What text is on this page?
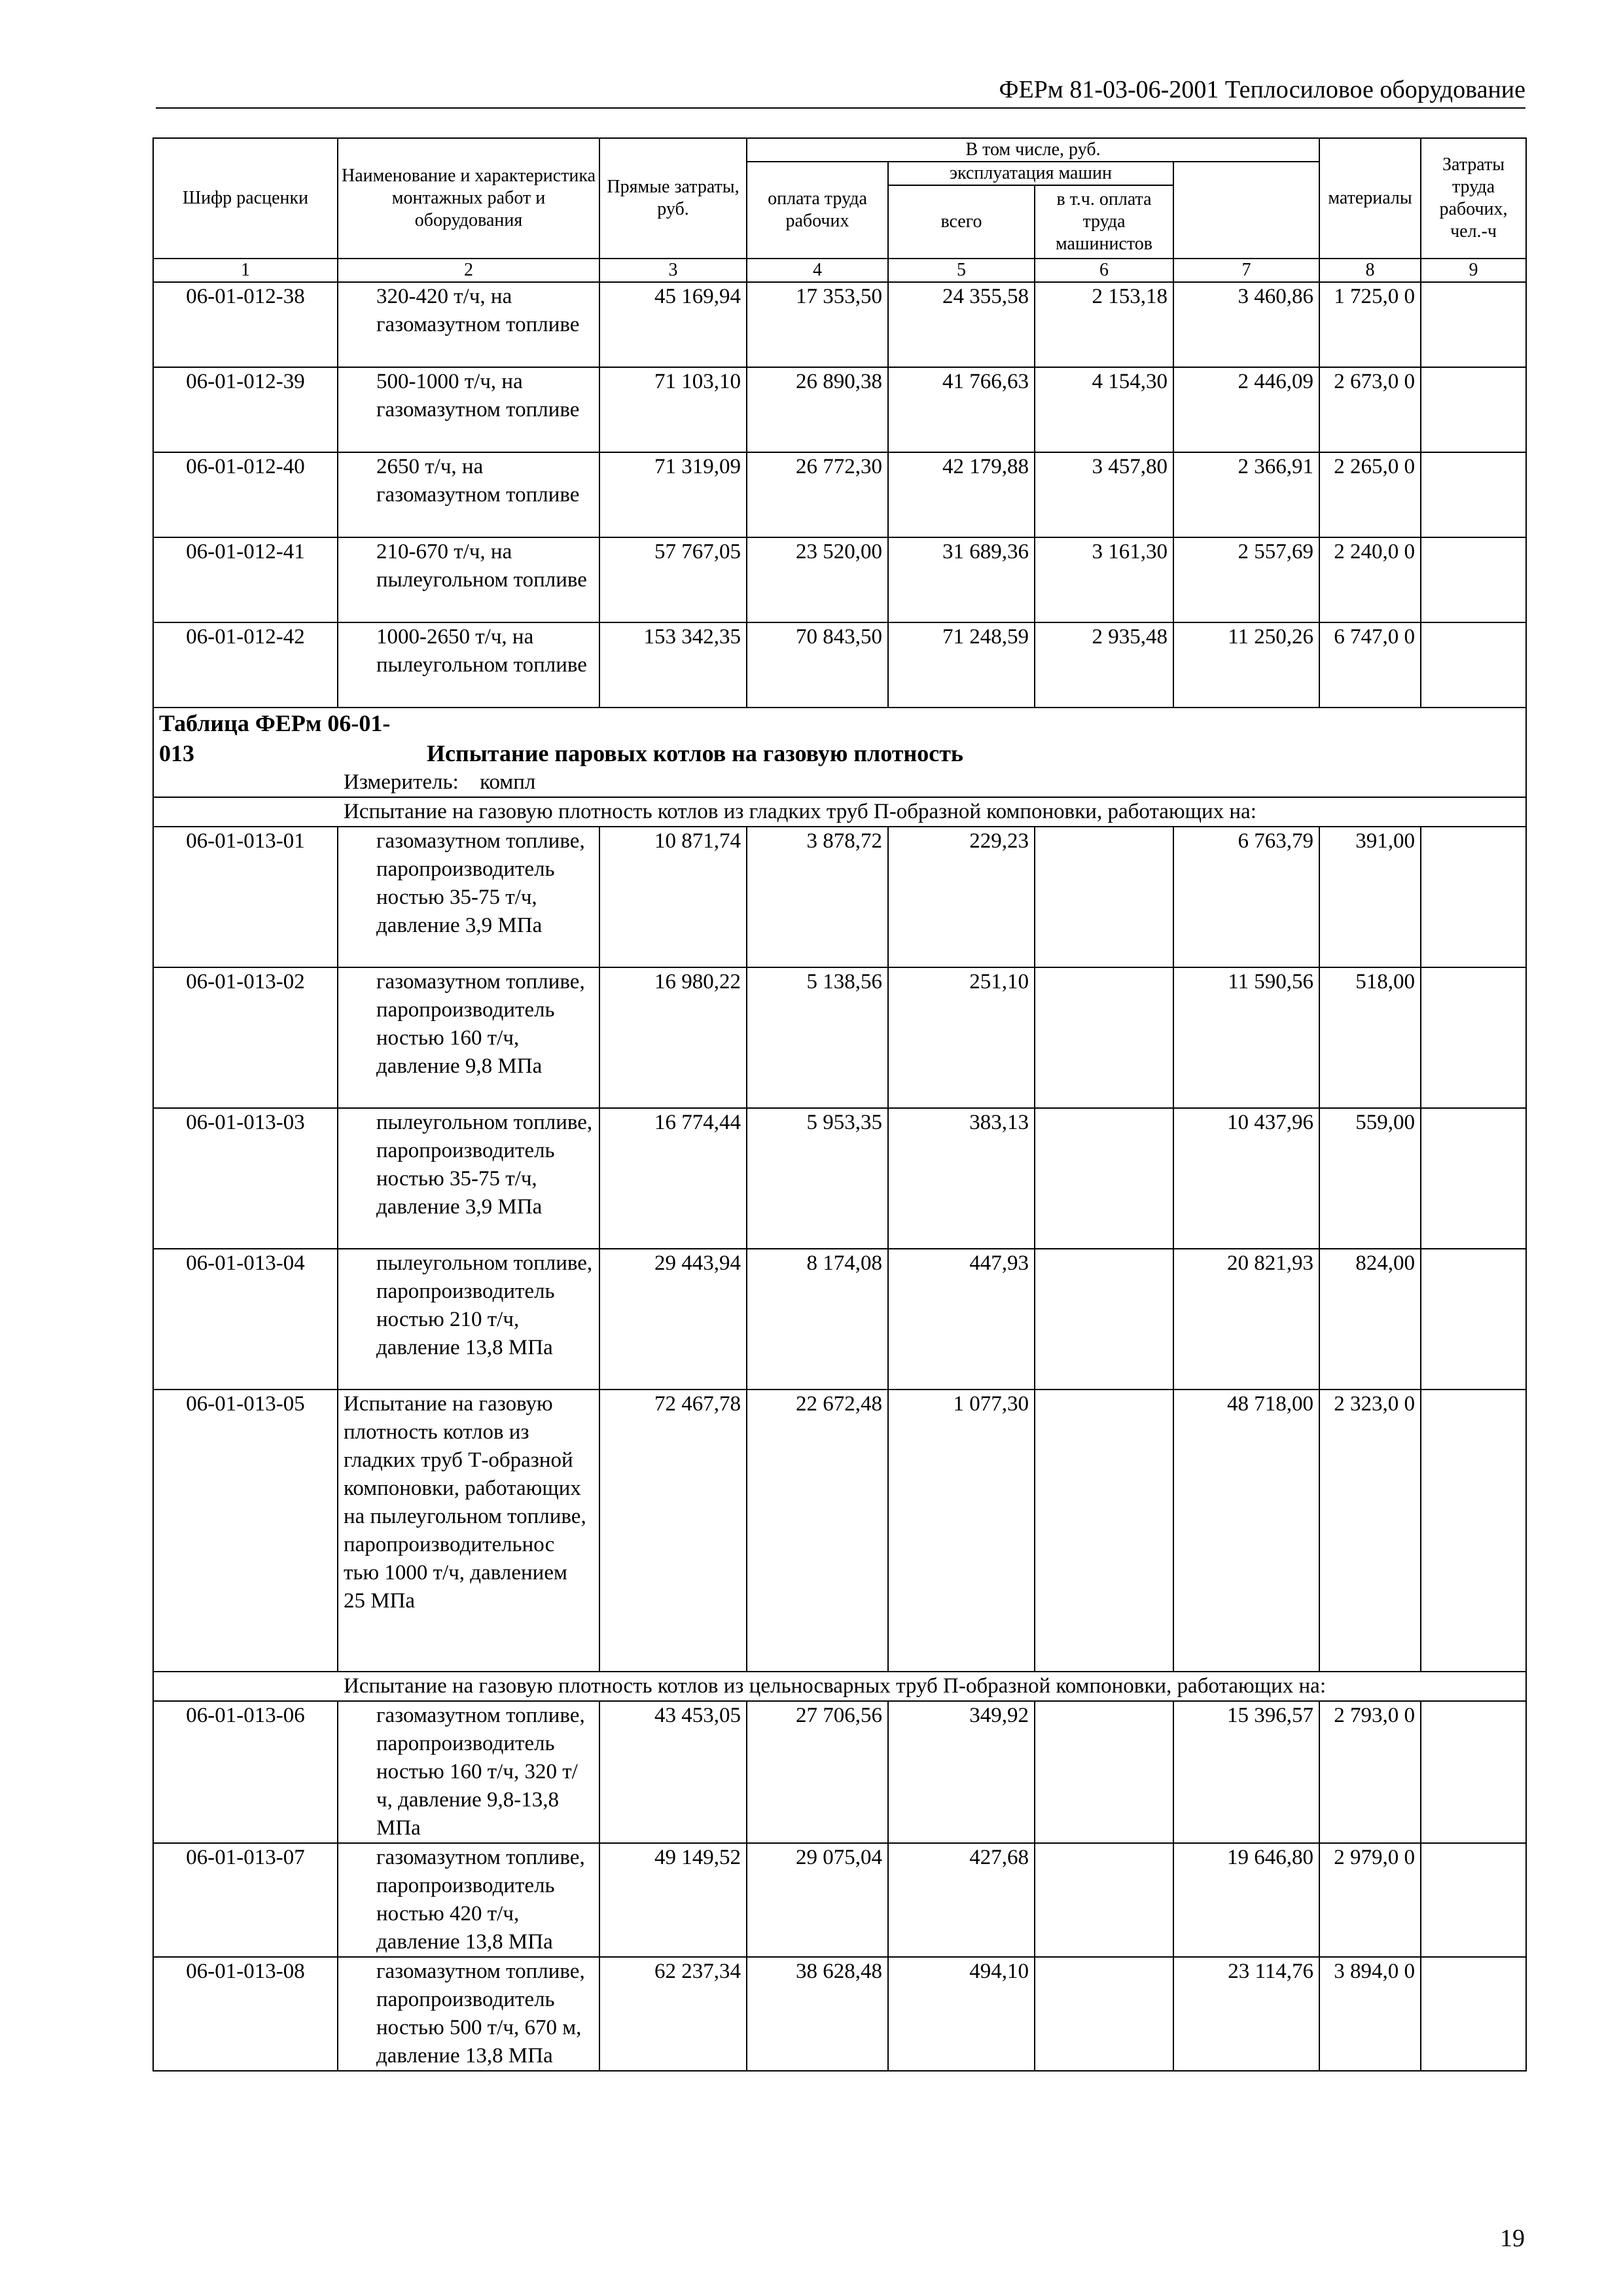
ФЕРм 81-03-06-2001 Теплосиловое оборудование
Шифр расценки	Наименование и характеристика монтажных работ и оборудования	Прямые затраты, руб.	В том числе, руб.				материалы	Затраты труда рабочих, чел.-ч	
			оплата труда рабочих	эксплуатация машин					
				всего	в т.ч. оплата труда машинистов				
1	2	3	4	5	6	7	8	9	
06-01-012-38	320-420 т/ч, на газомазутном топливе	45 169,94	17 353,50	24 355,58	2 153,18	3 460,86	1 725,0 0		
06-01-012-39	500-1000 т/ч, на газомазутном топливе	71 103,10	26 890,38	41 766,63	4 154,30	2 446,09	2 673,0 0		
06-01-012-40	2650 т/ч, на газомазутном топливе	71 319,09	26 772,30	42 179,88	3 457,80	2 366,91	2 265,0 0		
06-01-012-41	210-670 т/ч, на пылеугольном топливе	57 767,05	23 520,00	31 689,36	3 161,30	2 557,69	2 240,0 0		
06-01-012-42	1000-2650 т/ч, на пылеугольном топливе	153 342,35	70 843,50	71 248,59	2 935,48	11 250,26	6 747,0 0		
Таблица ФЕРм 06-01-013 Испытание паровых котлов на газовую плотность									
Измеритель: компл									
Испытание на газовую плотность котлов из гладких труб П-образной компоновки, работающих на:									
06-01-013-01	газомазутном топливе, паропроизводитель ностью 35-75 т/ч, давление 3,9 МПа	10 871,74	3 878,72	229,23		6 763,79	391,00		
06-01-013-02	газомазутном топливе, паропроизводитель ностью 160 т/ч, давление 9,8 МПа	16 980,22	5 138,56	251,10		11 590,56	518,00		
06-01-013-03	пылеугольном топливе, паропроизводитель ностью 35-75 т/ч, давление 3,9 МПа	16 774,44	5 953,35	383,13		10 437,96	559,00		
06-01-013-04	пылеугольном топливе, паропроизводитель ностью 210 т/ч, давление 13,8 МПа	29 443,94	8 174,08	447,93		20 821,93	824,00		
06-01-013-05	Испытание на газовую плотность котлов из гладких труб Т-образной компоновки, работающих на пылеугольном топливе, паропроизводительнос тью 1000 т/ч, давлением 25 МПа	72 467,78	22 672,48	1 077,30		48 718,00	2 323,0 0		
Испытание на газовую плотность котлов из цельносварных труб П-образной компоновки, работающих на:									
06-01-013-06	газомазутном топливе, паропроизводитель ностью 160 т/ч, 320 т/ч, давление 9,8-13,8 МПа	43 453,05	27 706,56	349,92		15 396,57	2 793,0 0		
06-01-013-07	газомазутном топливе, паропроизводитель ностью 420 т/ч, давление 13,8 МПа	49 149,52	29 075,04	427,68		19 646,80	2 979,0 0		
06-01-013-08	газомазутном топливе, паропроизводитель ностью 500 т/ч, 670 м, давление 13,8 МПа	62 237,34	38 628,48	494,10		23 114,76	3 894,0 0		
19
